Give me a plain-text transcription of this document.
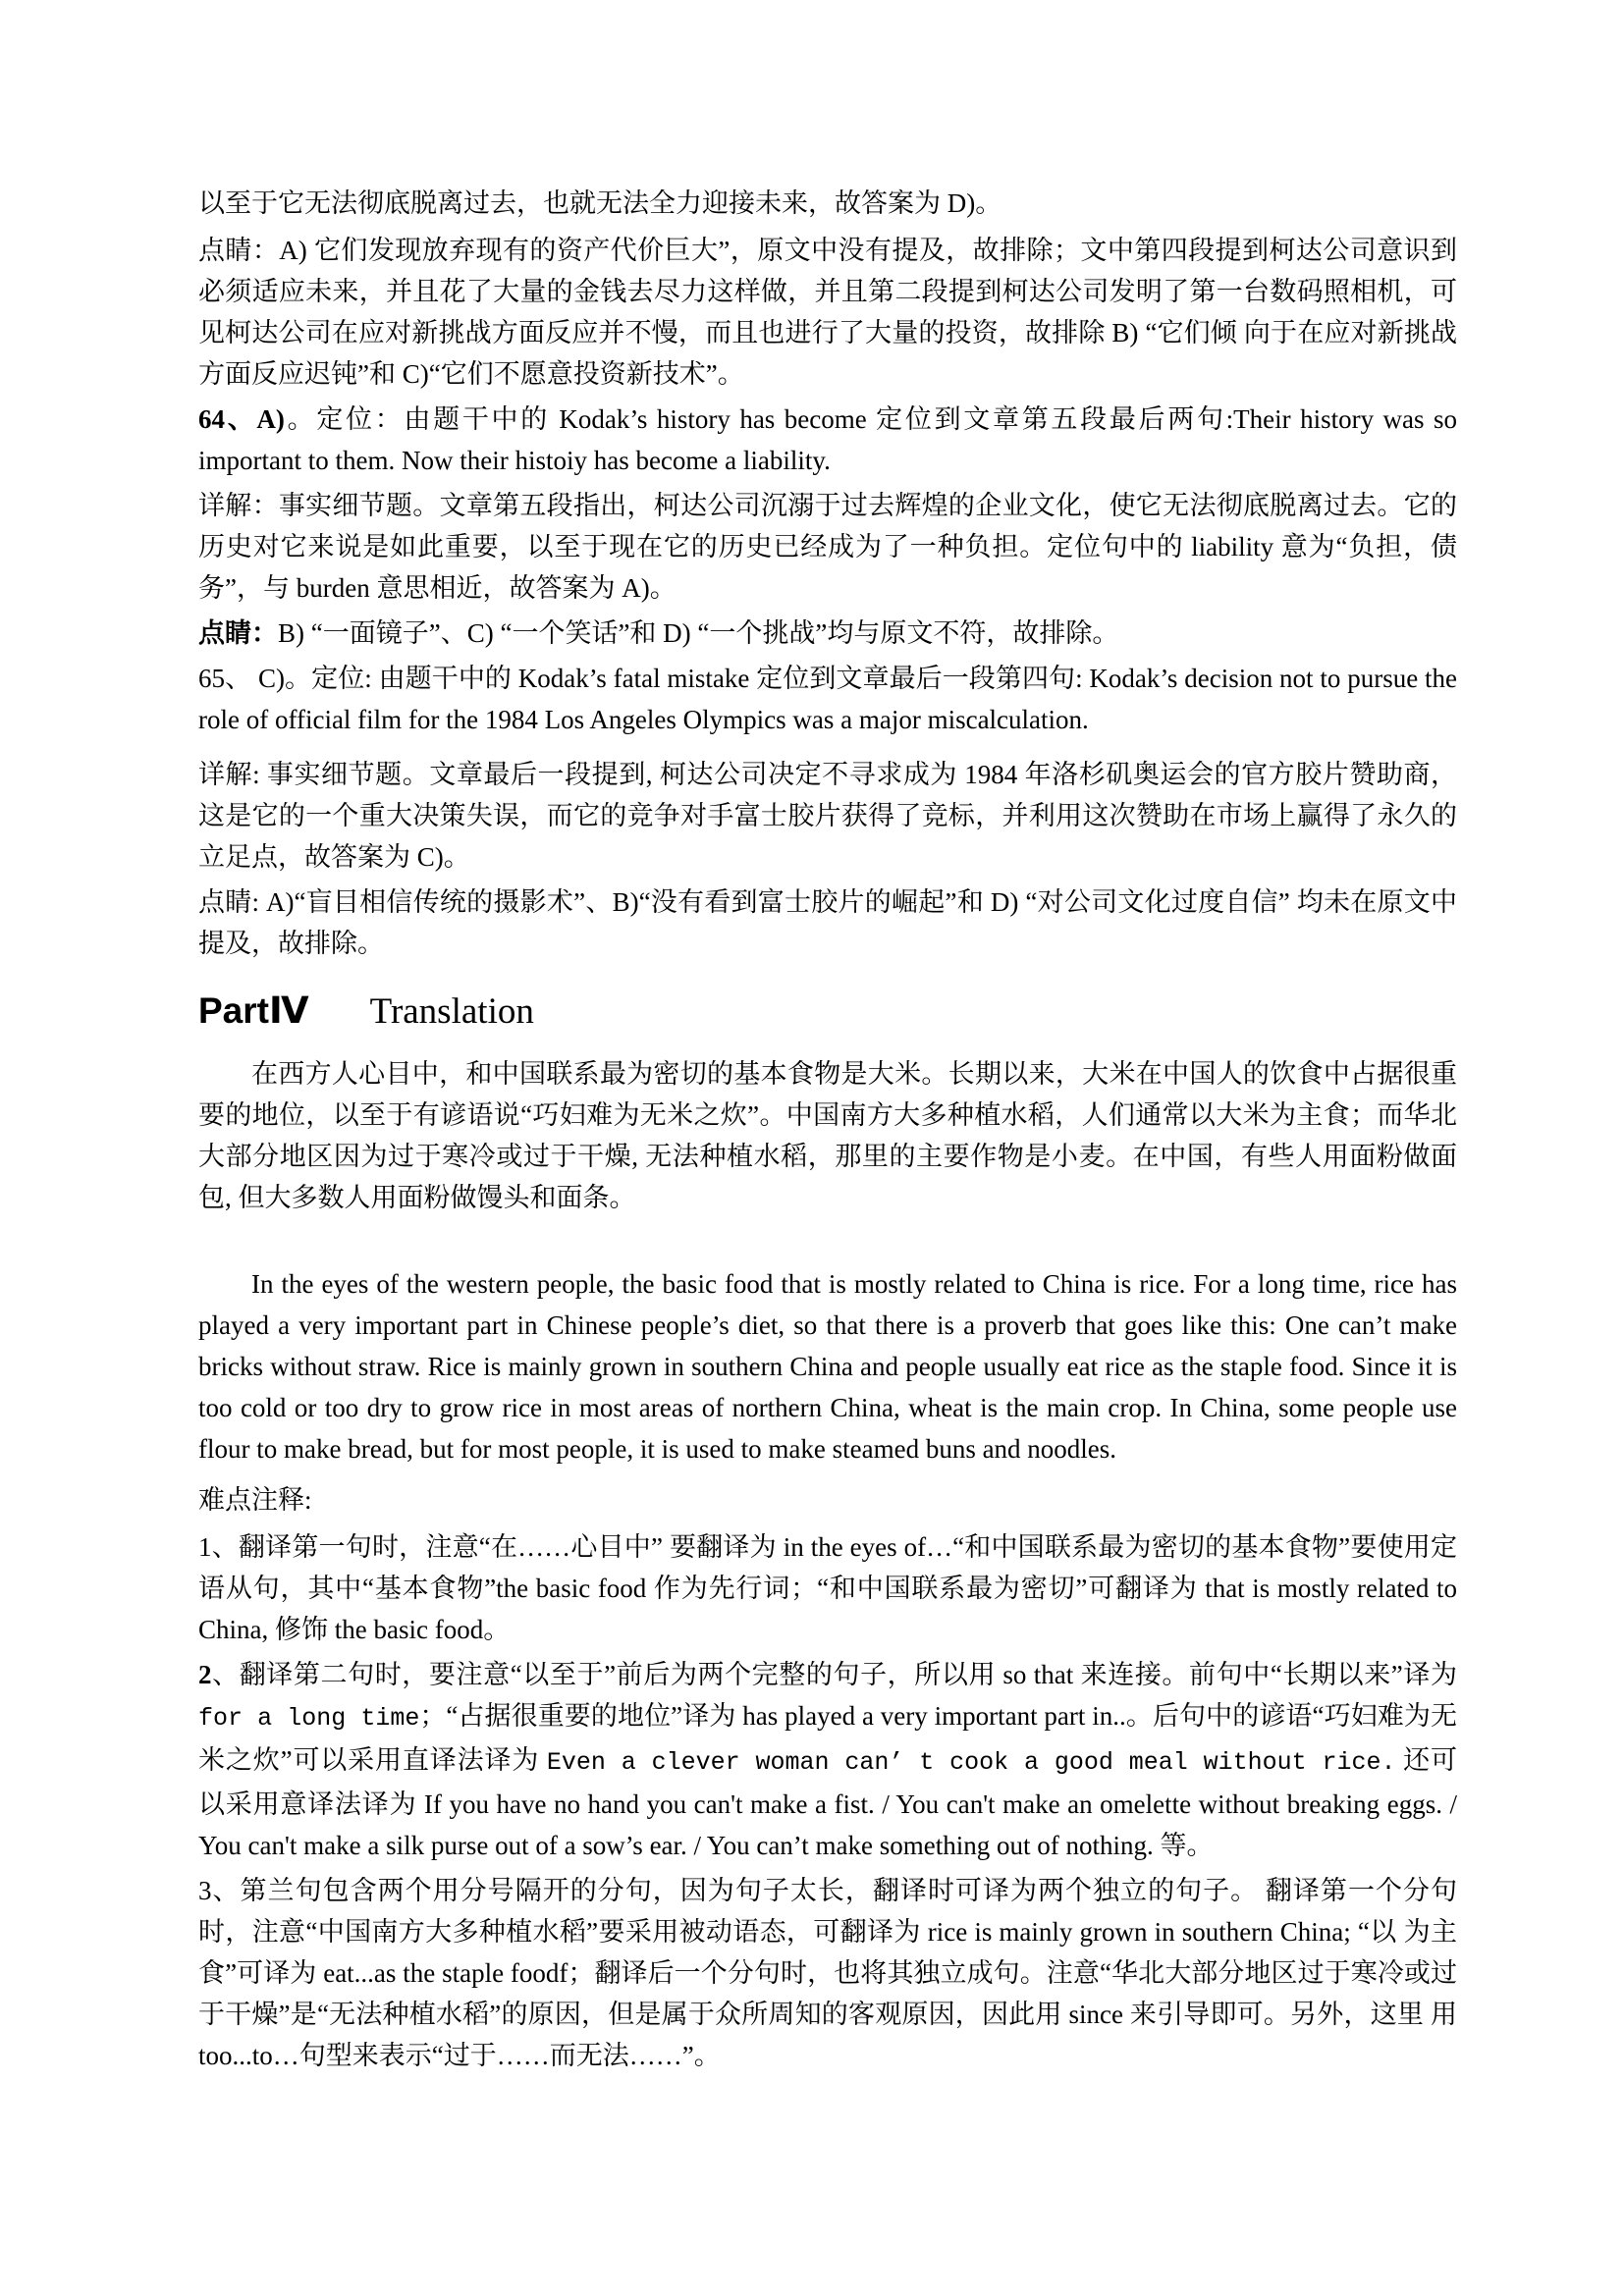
以至于它无法彻底脱离过去，也就无法全力迎接未来，故答案为 D)。

点睛：A) 它们发现放弃现有的资产代价巨大”，原文中没有提及，故排除；文中第四段提到柯达公司意识到必须适应未来，并且花了大量的金钱去尽力这样做，并且第二段提到柯达公司发明了第一台数码照相机，可见柯达公司在应对新挑战方面反应并不慢，而且也进行了大量的投资，故排除 B) “它们倾 向于在应对新挑战方面反应迟钝”和 C)“它们不愿意投资新技术”。

64、A)。定位：由题干中的 Kodak’s history has become 定位到文章第五段最后两句:Their history was so important to them. Now their histoiy has become a liability.

详解：事实细节题。文章第五段指出，柯达公司沉溺于过去辉煌的企业文化，使它无法彻底脱离过去。它的历史对它来说是如此重要，以至于现在它的历史已经成为了一种负担。定位句中的 liability 意为“负担，债务”，与 burden 意思相近，故答案为 A)。

点睛：B) “一面镜子”、C) “一个笑话”和 D) “一个挑战”均与原文不符，故排除。

65、 C)。定位: 由题干中的 Kodak’s fatal mistake 定位到文章最后一段第四句: Kodak’s decision not to pursue the role of official film for the 1984 Los Angeles Olympics was a major miscalculation.

详解: 事实细节题。文章最后一段提到, 柯达公司决定不寻求成为 1984 年洛杉矶奥运会的官方胶片赞助商，这是它的一个重大决策失误，而它的竞争对手富士胶片获得了竞标，并利用这次赞助在市场上赢得了永久的立足点，故答案为 C)。

点睛: A)“盲目相信传统的摄影术”、B)“没有看到富士胶片的崛起”和 D) “对公司文化过度自信” 均未在原文中提及，故排除。

PartⅣ Translation

在西方人心目中，和中国联系最为密切的基本食物是大米。长期以来，大米在中国人的饮食中占据很重要的地位，以至于有谚语说“巧妇难为无米之炊”。中国南方大多种植水稻，人们通常以大米为主食；而华北大部分地区因为过于寒冷或过于干燥, 无法种植水稻，那里的主要作物是小麦。在中国，有些人用面粉做面包, 但大多数人用面粉做馒头和面条。

In the eyes of the western people, the basic food that is mostly related to China is rice. For a long time, rice has played a very important part in Chinese people’s diet, so that there is a proverb that goes like this: One can’t make bricks without straw. Rice is mainly grown in southern China and people usually eat rice as the staple food. Since it is too cold or too dry to grow rice in most areas of northern China, wheat is the main crop. In China, some people use flour to make bread, but for most people, it is used to make steamed buns and noodles.

难点注释:

1、翻译第一句时，注意“在……心目中” 要翻译为 in the eyes of…“和中国联系最为密切的基本食物”要使用定语从句，其中“基本食物”the basic food 作为先行词；“和中国联系最为密切”可翻译为 that is mostly related to China, 修饰 the basic food。

2、翻译第二句时，要注意“以至于”前后为两个完整的句子，所以用 so that 来连接。前句中“长期以来”译为 for a long time；“占据很重要的地位”译为 has played a very important part in..。后句中的谚语“巧妇难为无米之炊”可以采用直译法译为 Even a clever woman can’ t cook a good meal without rice. 还可以采用意译法译为 If you have no hand you can't make a fist. / You can't make an omelette without breaking eggs. / You can't make a silk purse out of a sow’s ear. / You can’t make something out of nothing. 等。

3、第兰句包含两个用分号隔开的分句，因为句子太长，翻译时可译为两个独立的句子。 翻译第一个分句时，注意“中国南方大多种植水稻”要采用被动语态，可翻译为 rice is mainly grown in southern China; “以 为主食”可译为 eat...as the staple foodf；翻译后一个分句时，也将其独立成句。注意“华北大部分地区过于寒冷或过于干燥”是“无法种植水稻”的原因，但是属于众所周知的客观原因，因此用 since 来引导即可。另外，这里 用 too...to…句型来表示“过于……而无法……”。
